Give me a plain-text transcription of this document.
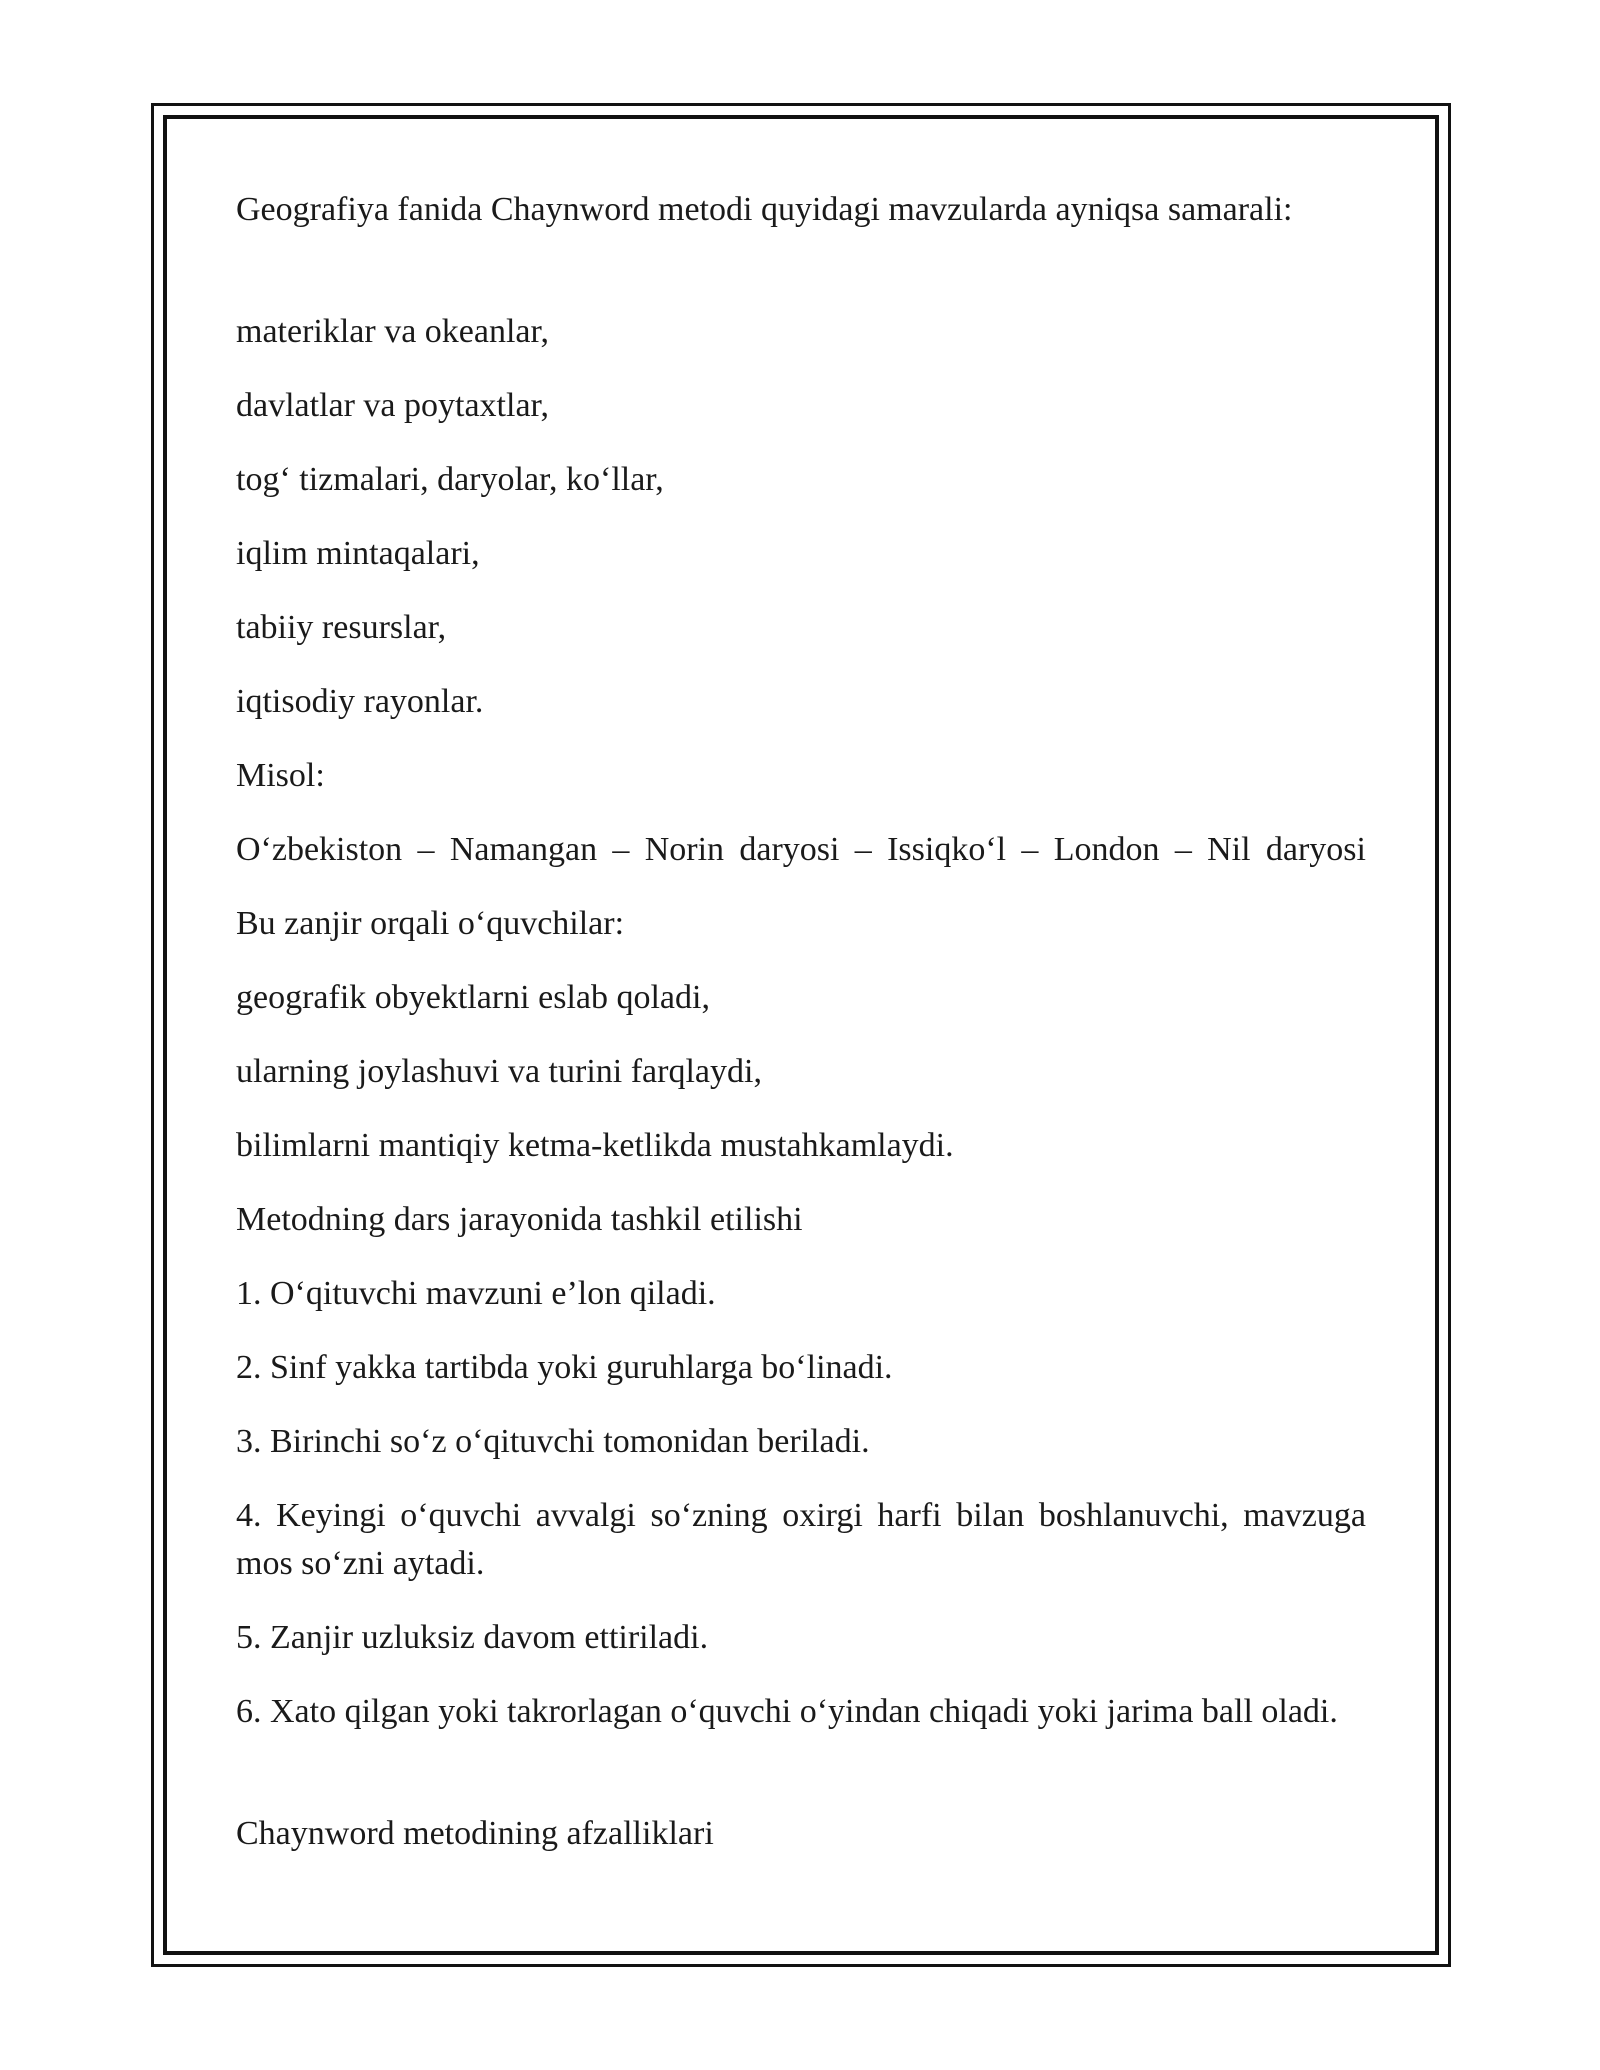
Geografiya fanida Chaynword metodi quyidagi mavzularda ayniqsa samarali:

materiklar va okeanlar,

davlatlar va poytaxtlar,

tog‘ tizmalari, daryolar, ko‘llar,

iqlim mintaqalari,

tabiiy resurslar,

iqtisodiy rayonlar.

Misol:

O‘zbekiston – Namangan – Norin daryosi – Issiqko‘l – London – Nil daryosi

Bu zanjir orqali o‘quvchilar:

geografik obyektlarni eslab qoladi,

ularning joylashuvi va turini farqlaydi,

bilimlarni mantiqiy ketma-ketlikda mustahkamlaydi.

Metodning dars jarayonida tashkil etilishi

1. O‘qituvchi mavzuni e’lon qiladi.

2. Sinf yakka tartibda yoki guruhlarga bo‘linadi.

3. Birinchi so‘z o‘qituvchi tomonidan beriladi.

4. Keyingi o‘quvchi avvalgi so‘zning oxirgi harfi bilan boshlanuvchi, mavzuga mos so‘zni aytadi.

5. Zanjir uzluksiz davom ettiriladi.

6. Xato qilgan yoki takrorlagan o‘quvchi o‘yindan chiqadi yoki jarima ball oladi.

Chaynword metodining afzalliklari
